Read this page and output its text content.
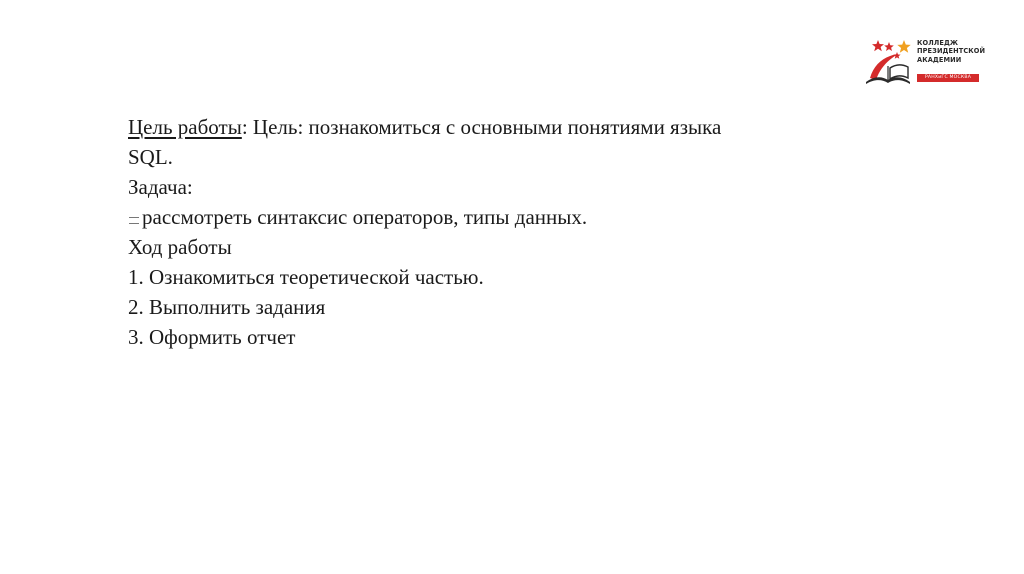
КОЛЛЕДЖ
ПРЕЗИДЕНТСКОЙ
АКАДЕМИИ
РАНХиГС МОСКВА
Цель работы: Цель: познакомиться с основными понятиями языка
SQL.
Задача:
рассмотреть синтаксис операторов, типы данных.
Ход работы
1. Ознакомиться теоретической частью.
2. Выполнить задания
3. Оформить отчет
